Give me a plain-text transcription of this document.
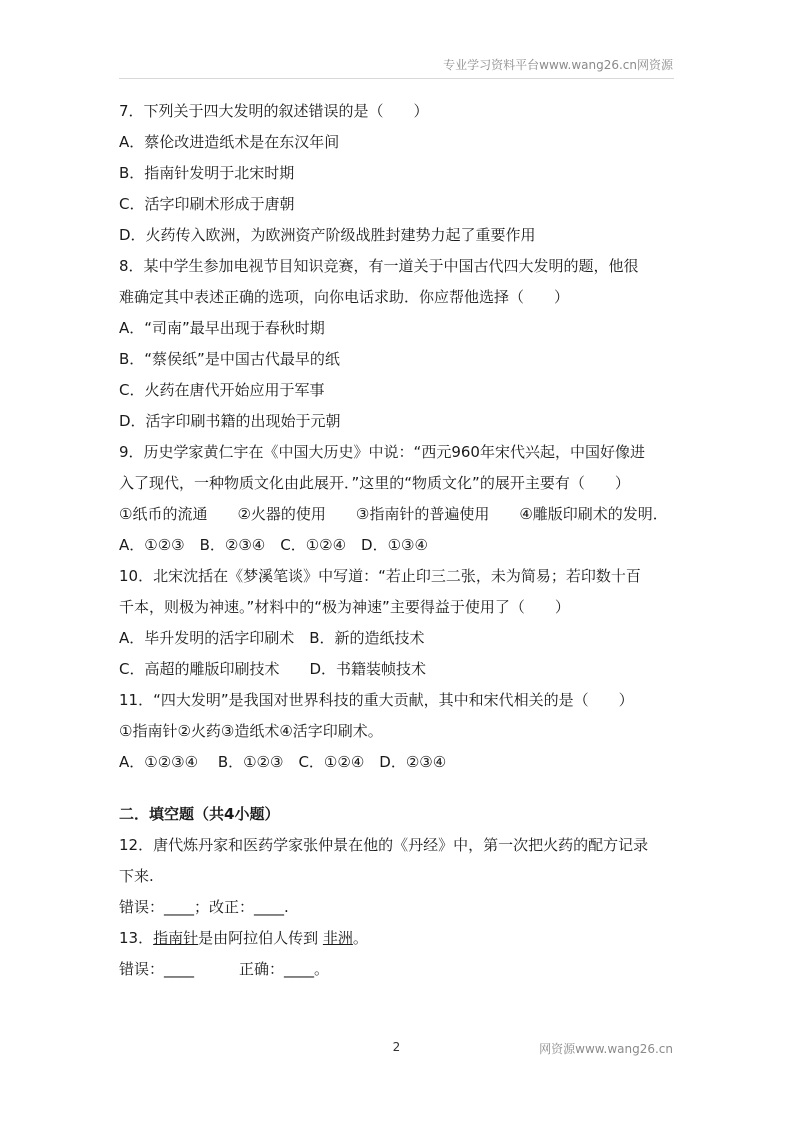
专业学习资料平台www.wang26.cn网资源
7．下列关于四大发明的叙述错误的是（　　）
A．蔡伦改进造纸术是在东汉年间
B．指南针发明于北宋时期
C．活字印刷术形成于唐朝
D．火药传入欧洲，为欧洲资产阶级战胜封建势力起了重要作用
8．某中学生参加电视节目知识竞赛，有一道关于中国古代四大发明的题，他很
难确定其中表述正确的选项，向你电话求助．你应帮他选择（　　）
A．“司南”最早出现于春秋时期
B．“蔡侯纸”是中国古代最早的纸
C．火药在唐代开始应用于军事
D．活字印刷书籍的出现始于元朝
9．历史学家黄仁宇在《中国大历史》中说：“西元960年宋代兴起，中国好像进
入了现代，一种物质文化由此展开．”这里的“物质文化”的展开主要有（　　）
①纸币的流通　　②火器的使用　　③指南针的普遍使用　　④雕版印刷术的发明．
A．①②③　B．②③④　C．①②④　D．①③④
10．北宋沈括在《梦溪笔谈》中写道：“若止印三二张，未为简易；若印数十百
千本，则极为神速。”材料中的“极为神速”主要得益于使用了（　　）
A．毕升发明的活字印刷术　B．新的造纸技术
C．高超的雕版印刷技术　　D．书籍装帧技术
11．“四大发明”是我国对世界科技的重大贡献，其中和宋代相关的是（　　）
①指南针②火药③造纸术④活字印刷术。
A．①②③④　 B．①②③　C．①②④　D．②③④
二．填空题（共4小题）
12．唐代炼丹家和医药学家张仲景在他的《丹经》中，第一次把火药的配方记录
下来.
错误：____；改正：____.
13．指南针是由阿拉伯人传到 非洲。
错误：____　　　正确：____。
2	网资源www.wang26.cn
